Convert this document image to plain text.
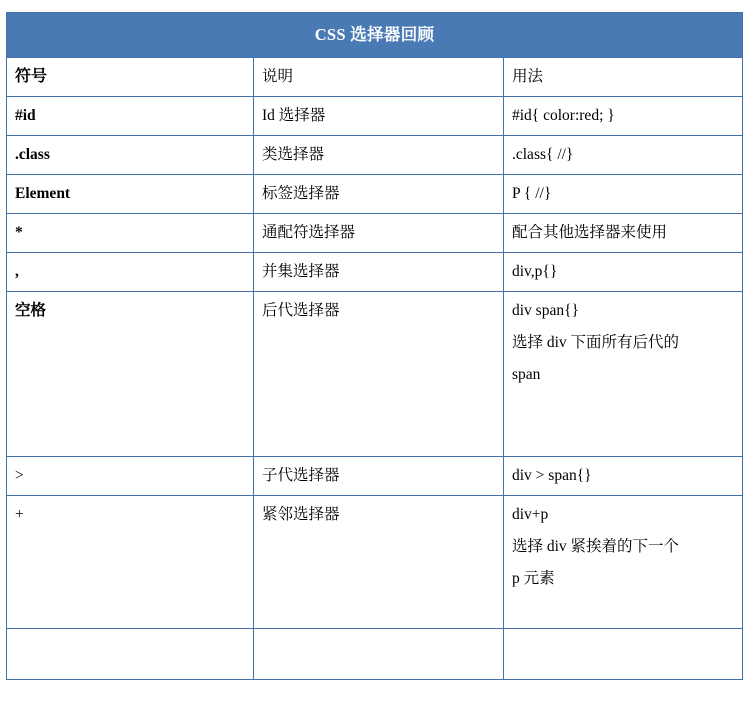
CSS 选择器回顾		
符号	说明	用法
#id	Id 选择器	#id{ color:red; }

.class	类选择器	.class{ //}

Element	标签选择器	P { //}

*	通配符选择器	配合其他选择器来使用

,	并集选择器	div,p{}

空格	后代选择器	div span{}
选择 div 下面所有后代的
span

>	子代选择器	div > span{}

+	紧邻选择器	div+p
选择 div 紧挨着的下一个
p 元素
